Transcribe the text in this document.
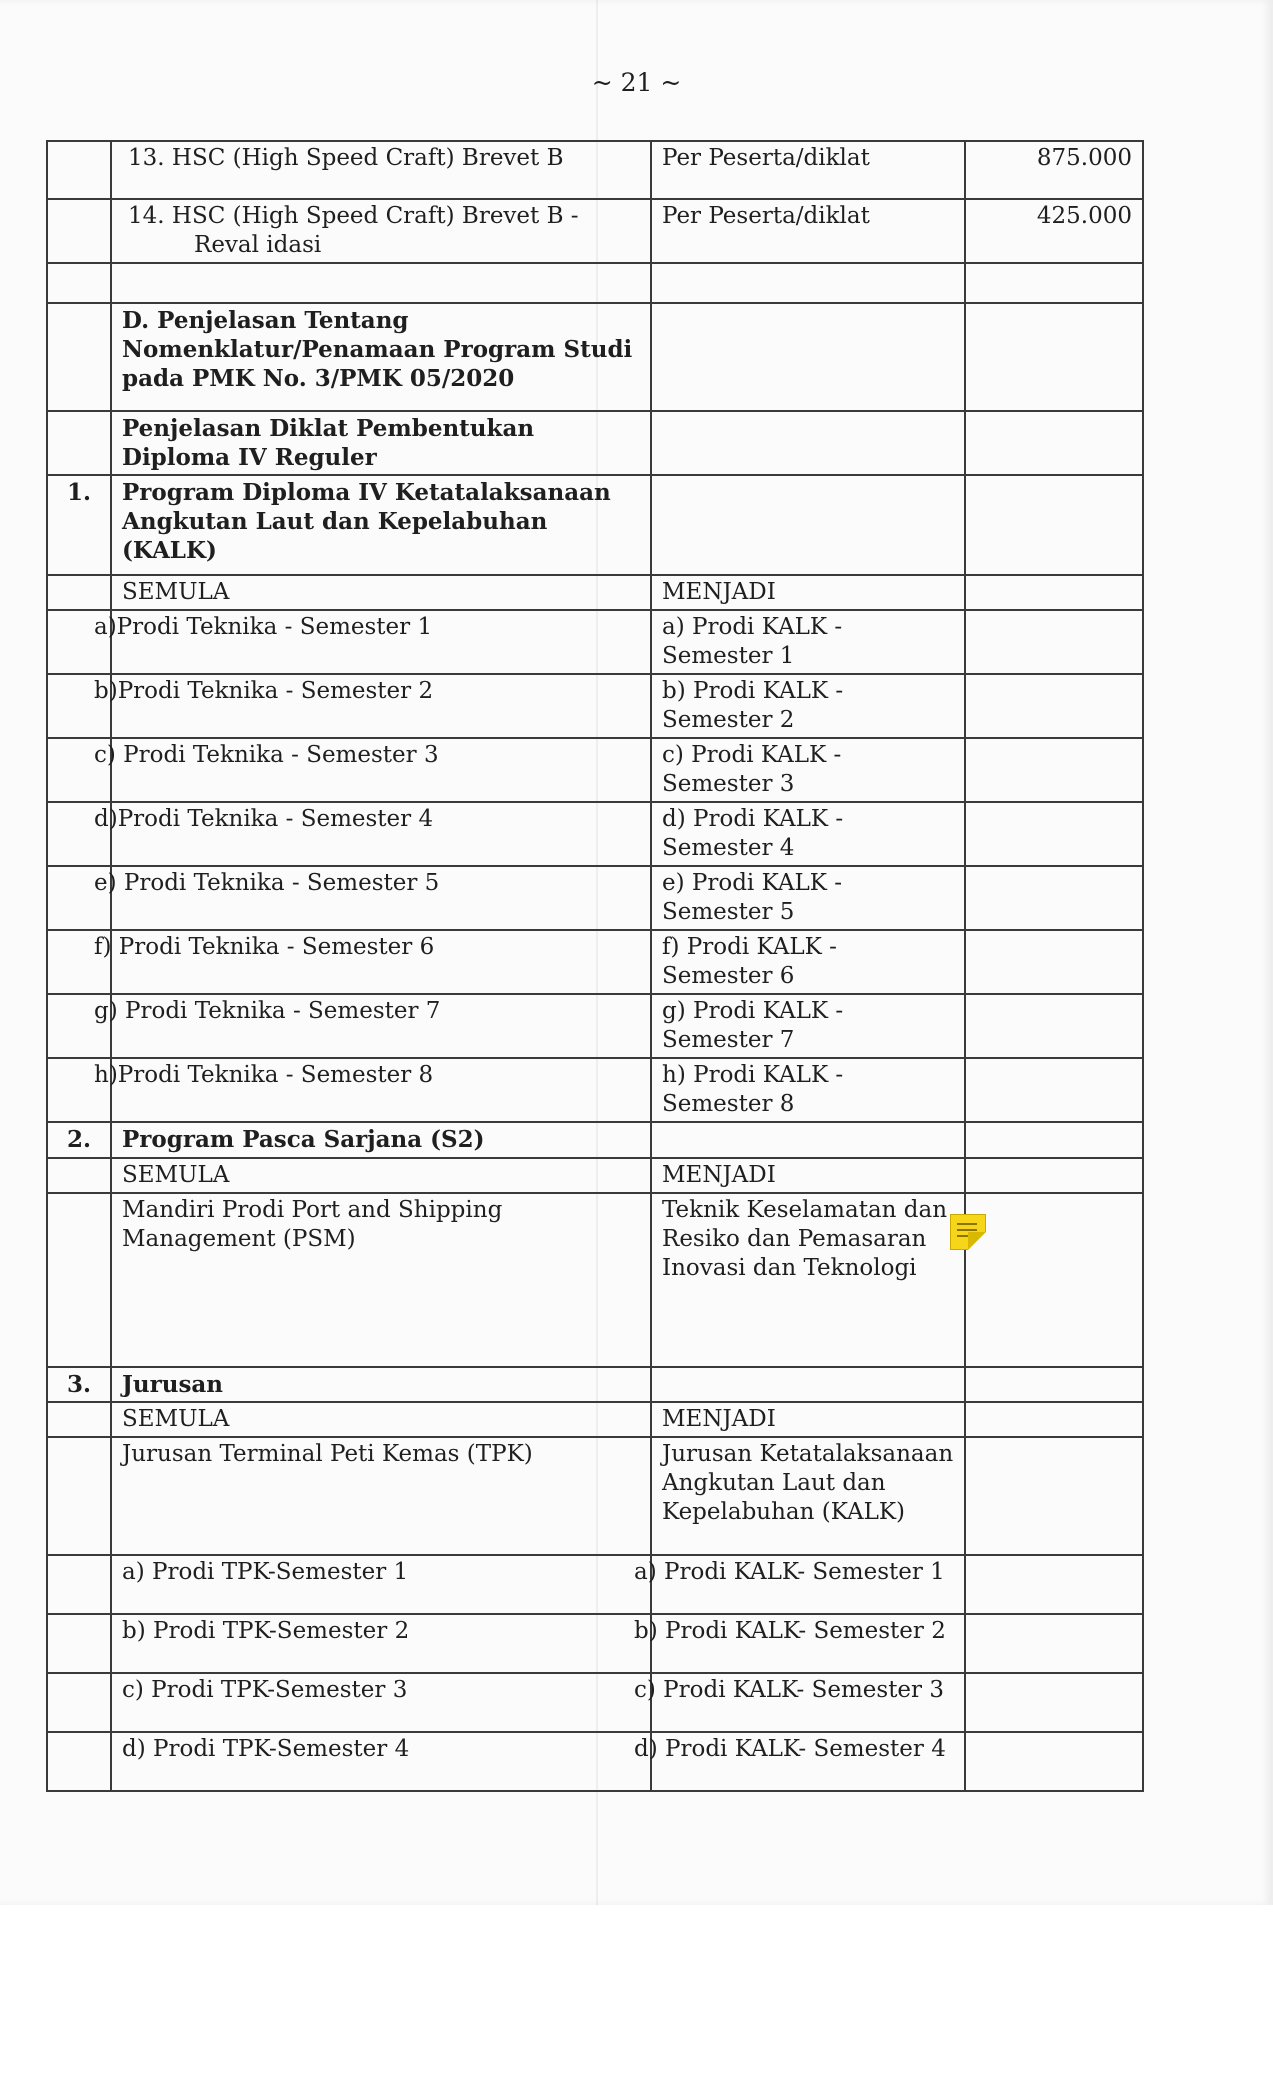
~ 21 ~
	13. HSC (High Speed Craft) Brevet B	Per Peserta/diklat	875.000
	14. HSC (High Speed Craft) Brevet B - Reval idasi	Per Peserta/diklat	425.000

	D. Penjelasan Tentang Nomenklatur/Penamaan Program Studi pada PMK No. 3/PMK 05/2020		
	Penjelasan Diklat Pembentukan Diploma IV Reguler		
1.	Program Diploma IV Ketatalaksanaan Angkutan Laut dan Kepelabuhan (KALK)		
	SEMULA	MENJADI	
	a)Prodi Teknika - Semester 1	a) Prodi KALK - Semester 1	
	b)Prodi Teknika - Semester 2	b) Prodi KALK - Semester 2	
	c) Prodi Teknika - Semester 3	c) Prodi KALK - Semester 3	
	d)Prodi Teknika - Semester 4	d) Prodi KALK - Semester 4	
	e) Prodi Teknika - Semester 5	e) Prodi KALK - Semester 5	
	f) Prodi Teknika - Semester 6	f) Prodi KALK - Semester 6	
	g) Prodi Teknika - Semester 7	g) Prodi KALK - Semester 7	
	h)Prodi Teknika - Semester 8	h) Prodi KALK - Semester 8	
2.	Program Pasca Sarjana (S2)		
	SEMULA	MENJADI	
	Mandiri Prodi Port and Shipping Management (PSM)	Teknik Keselamatan dan Resiko dan Pemasaran Inovasi dan Teknologi

3.	Jurusan		
	SEMULA	MENJADI	
	Jurusan Terminal Peti Kemas (TPK)	Jurusan Ketatalaksanaan Angkutan Laut dan Kepelabuhan (KALK)	
	a) Prodi TPK-Semester 1	a) Prodi KALK- Semester 1	
	b) Prodi TPK-Semester 2	b) Prodi KALK- Semester 2	
	c) Prodi TPK-Semester 3	c) Prodi KALK- Semester 3	
	d) Prodi TPK-Semester 4	d) Prodi KALK- Semester 4	
